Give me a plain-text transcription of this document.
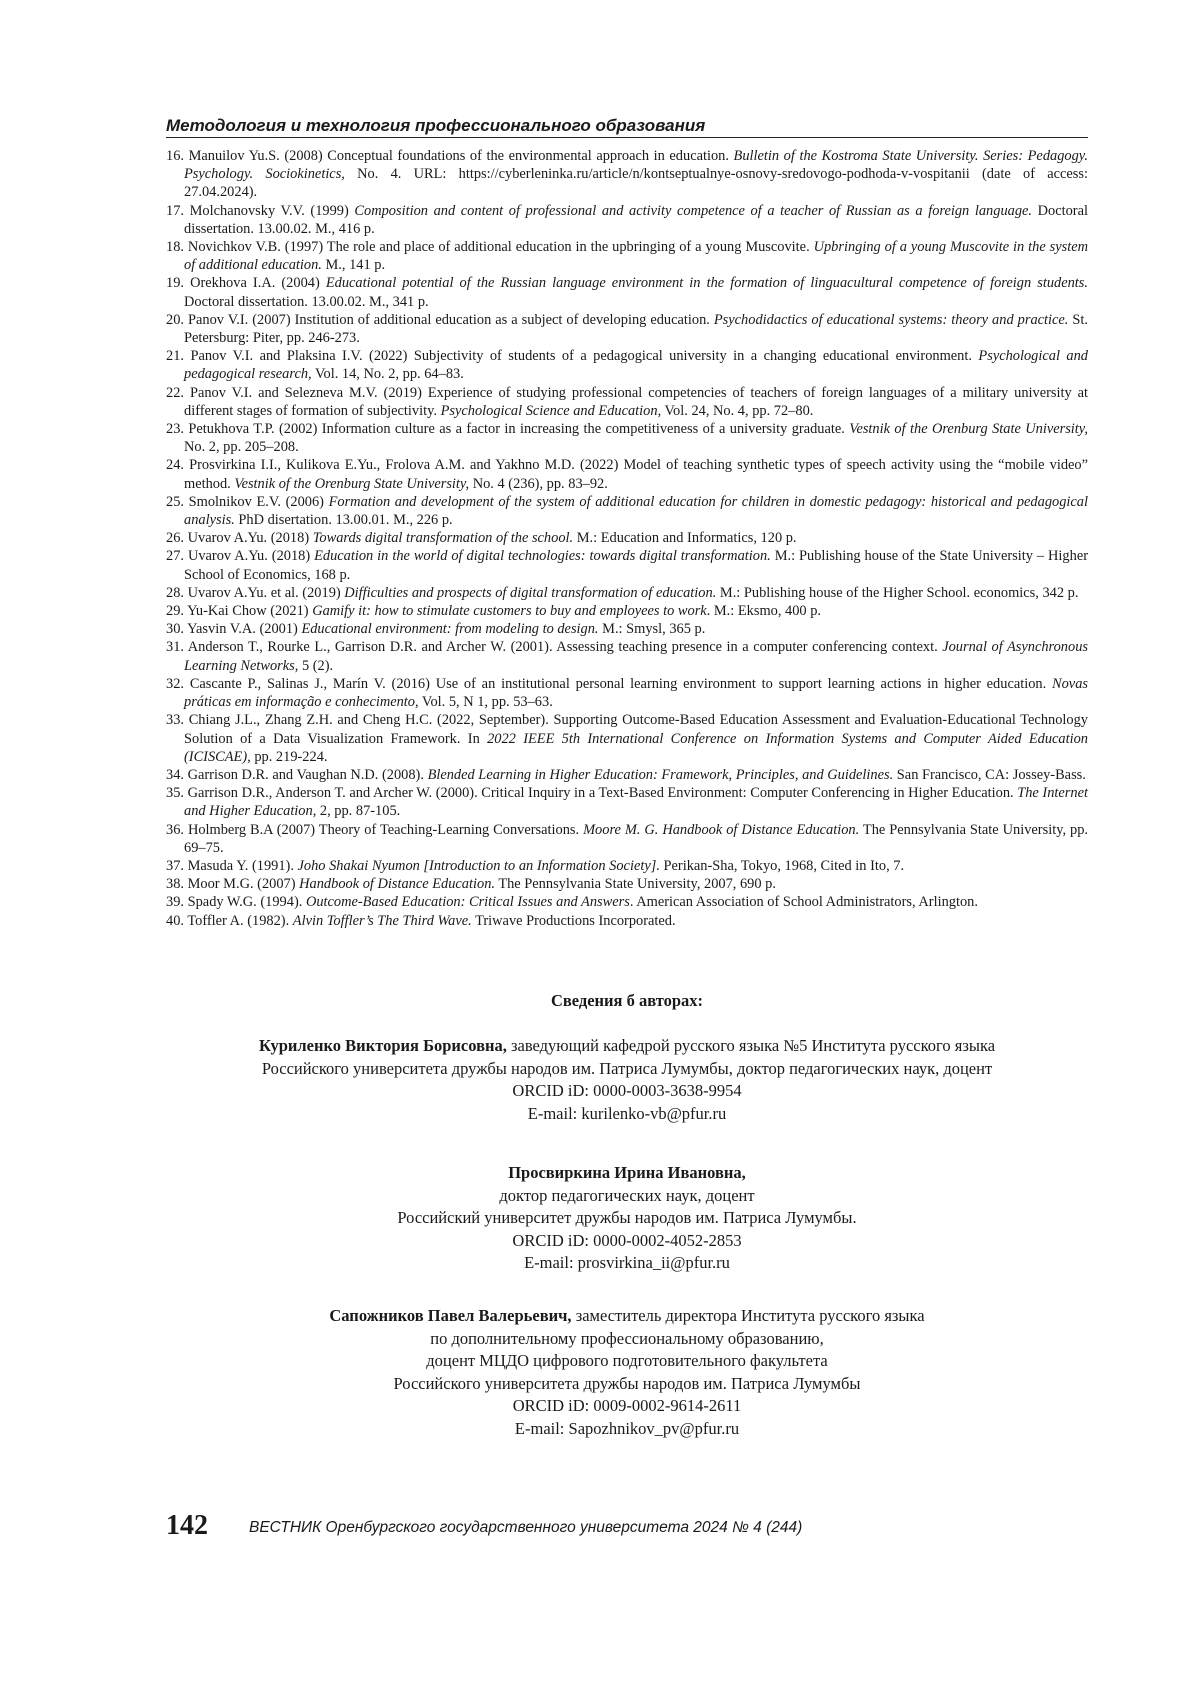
Методология и технология профессионального образования
16. Manuilov Yu.S. (2008) Conceptual foundations of the environmental approach in education. Bulletin of the Kostroma State University. Series: Pedagogy. Psychology. Sociokinetics, No. 4. URL: https://cyberleninka.ru/article/n/kontseptualnye-osnovy-sredovogo-podhoda-v-vospitanii (date of access: 27.04.2024).
17. Molchanovsky V.V. (1999) Composition and content of professional and activity competence of a teacher of Russian as a foreign language. Doctoral dissertation. 13.00.02. M., 416 p.
18. Novichkov V.B. (1997) The role and place of additional education in the upbringing of a young Muscovite. Upbringing of a young Muscovite in the system of additional education. M., 141 p.
19. Orekhova I.A. (2004) Educational potential of the Russian language environment in the formation of linguacultural competence of foreign students. Doctoral dissertation. 13.00.02. M., 341 p.
20. Panov V.I. (2007) Institution of additional education as a subject of developing education. Psychodidactics of educational systems: theory and practice. St. Petersburg: Piter, pp. 246-273.
21. Panov V.I. and Plaksina I.V. (2022) Subjectivity of students of a pedagogical university in a changing educational environment. Psychological and pedagogical research, Vol. 14, No. 2, pp. 64–83.
22. Panov V.I. and Selezneva M.V. (2019) Experience of studying professional competencies of teachers of foreign languages of a military university at different stages of formation of subjectivity. Psychological Science and Education, Vol. 24, No. 4, pp. 72–80.
23. Petukhova T.P. (2002) Information culture as a factor in increasing the competitiveness of a university graduate. Vestnik of the Orenburg State University, No. 2, pp. 205–208.
24. Prosvirkina I.I., Kulikova E.Yu., Frolova A.M. and Yakhno M.D. (2022) Model of teaching synthetic types of speech activity using the “mobile video” method. Vestnik of the Orenburg State University, No. 4 (236), pp. 83–92.
25. Smolnikov E.V. (2006) Formation and development of the system of additional education for children in domestic pedagogy: historical and pedagogical analysis. PhD disertation. 13.00.01. M., 226 p.
26. Uvarov A.Yu. (2018) Towards digital transformation of the school. M.: Education and Informatics, 120 p.
27. Uvarov A.Yu. (2018) Education in the world of digital technologies: towards digital transformation. M.: Publishing house of the State University – Higher School of Economics, 168 p.
28. Uvarov A.Yu. et al. (2019) Difficulties and prospects of digital transformation of education. M.: Publishing house of the Higher School. economics, 342 p.
29. Yu-Kai Chow (2021) Gamify it: how to stimulate customers to buy and employees to work. M.: Eksmo, 400 p.
30. Yasvin V.A. (2001) Educational environment: from modeling to design. M.: Smysl, 365 p.
31. Anderson T., Rourke L., Garrison D.R. and Archer W. (2001). Assessing teaching presence in a computer conferencing context. Journal of Asynchronous Learning Networks, 5 (2).
32. Cascante P., Salinas J., Marín V. (2016) Use of an institutional personal learning environment to support learning actions in higher education. Novas práticas em informação e conhecimento, Vol. 5, N 1, pp. 53–63.
33. Chiang J.L., Zhang Z.H. and Cheng H.C. (2022, September). Supporting Outcome-Based Education Assessment and Evaluation-Educational Technology Solution of a Data Visualization Framework. In 2022 IEEE 5th International Conference on Information Systems and Computer Aided Education (ICISCAE), pp. 219-224.
34. Garrison D.R. and Vaughan N.D. (2008). Blended Learning in Higher Education: Framework, Principles, and Guidelines. San Francisco, CA: Jossey-Bass.
35. Garrison D.R., Anderson T. and Archer W. (2000). Critical Inquiry in a Text-Based Environment: Computer Conferencing in Higher Education. The Internet and Higher Education, 2, pp. 87-105.
36. Holmberg B.A (2007) Theory of Teaching-Learning Conversations. Moore M. G. Handbook of Distance Education. The Pennsylvania State University, pp. 69–75.
37. Masuda Y. (1991). Joho Shakai Nyumon [Introduction to an Information Society]. Perikan-Sha, Tokyo, 1968, Cited in Ito, 7.
38. Moor M.G. (2007) Handbook of Distance Education. The Pennsylvania State University, 2007, 690 p.
39. Spady W.G. (1994). Outcome-Based Education: Critical Issues and Answers. American Association of School Administrators, Arlington.
40. Toffler A. (1982). Alvin Toffler’s The Third Wave. Triwave Productions Incorporated.
Сведения б авторах:
Куриленко Виктория Борисовна, заведующий кафедрой русского языка №5 Института русского языка
Российского университета дружбы народов им. Патриса Лумумбы, доктор педагогических наук, доцент
ORCID iD: 0000-0003-3638-9954
E-mail: kurilenko-vb@pfur.ru
Просвиркина Ирина Ивановна,
доктор педагогических наук, доцент
Российский университет дружбы народов им. Патриса Лумумбы.
ORCID iD: 0000-0002-4052-2853
E-mail: prosvirkina_ii@pfur.ru
Сапожников Павел Валерьевич, заместитель директора Института русского языка
по дополнительному профессиональному образованию,
доцент МЦДО цифрового подготовительного факультета
Российского университета дружбы народов им. Патриса Лумумбы
ORCID iD: 0009-0002-9614-2611
E-mail: Sapozhnikov_pv@pfur.ru
142	ВЕСТНИК Оренбургского государственного университета 2024 № 4 (244)
